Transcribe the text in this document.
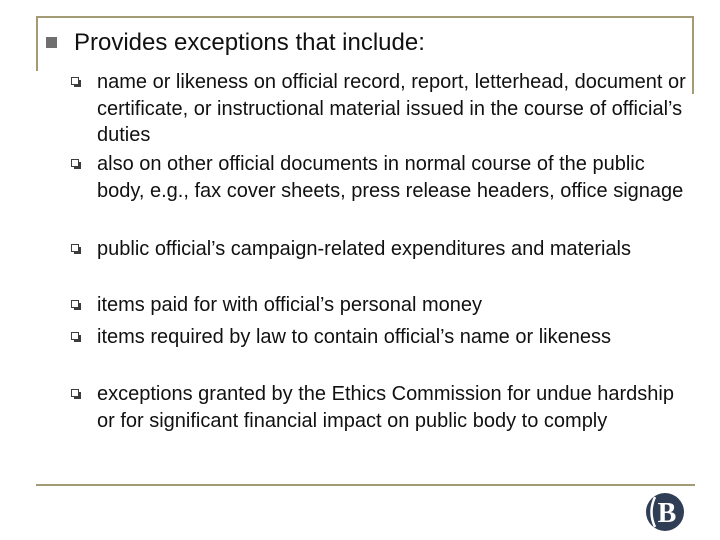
Provides exceptions that include:
name or likeness on official record, report, letterhead, document or certificate, or instructional material issued in the course of official’s duties
also on other official documents in normal course of the public body, e.g., fax cover sheets, press release headers, office signage
public official’s campaign-related expenditures and materials
items paid for with official’s personal money
items required by law to contain official’s name or likeness
exceptions granted by the Ethics Commission for undue hardship or for significant financial impact on public body to comply
B
